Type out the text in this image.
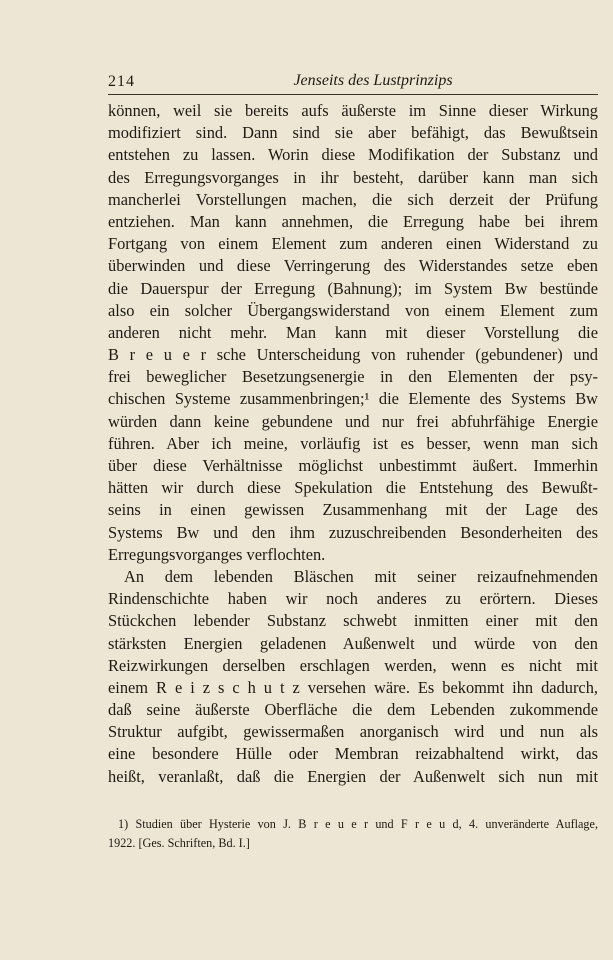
214	Jenseits des Lustprinzips
können, weil sie bereits aufs äußerste im Sinne dieser Wirkung
modifiziert sind. Dann sind sie aber befähigt, das Bewußtsein
entstehen zu lassen. Worin diese Modifikation der Substanz und
des Erregungsvorganges in ihr besteht, darüber kann man sich
mancherlei Vorstellungen machen, die sich derzeit der Prüfung
entziehen. Man kann annehmen, die Erregung habe bei ihrem
Fortgang von einem Element zum anderen einen Widerstand zu
überwinden und diese Verringerung des Widerstandes setze eben
die Dauerspur der Erregung (Bahnung); im System Bw bestünde
also ein solcher Übergangswiderstand von einem Element zum
anderen nicht mehr. Man kann mit dieser Vorstellung die
B r e u e r sche Unterscheidung von ruhender (gebundener) und
frei beweglicher Besetzungsenergie in den Elementen der psy-
chischen Systeme zusammenbringen;¹ die Elemente des Systems Bw
würden dann keine gebundene und nur frei abfuhrfähige Energie
führen. Aber ich meine, vorläufig ist es besser, wenn man sich
über diese Verhältnisse möglichst unbestimmt äußert. Immerhin
hätten wir durch diese Spekulation die Entstehung des Bewußt-
seins in einen gewissen Zusammenhang mit der Lage des
Systems Bw und den ihm zuzuschreibenden Besonderheiten des
Erregungsvorganges verflochten.
An dem lebenden Bläschen mit seiner reizaufnehmenden
Rindenschichte haben wir noch anderes zu erörtern. Dieses
Stückchen lebender Substanz schwebt inmitten einer mit den
stärksten Energien geladenen Außenwelt und würde von den
Reizwirkungen derselben erschlagen werden, wenn es nicht mit
einem R e i z s c h u t z versehen wäre. Es bekommt ihn dadurch,
daß seine äußerste Oberfläche die dem Lebenden zukommende
Struktur aufgibt, gewissermaßen anorganisch wird und nun als
eine besondere Hülle oder Membran reizabhaltend wirkt, das
heißt, veranlaßt, daß die Energien der Außenwelt sich nun mit
1) Studien über Hysterie von J. B r e u e r und F r e u d, 4. unveränderte Auflage,
1922. [Ges. Schriften, Bd. I.]
